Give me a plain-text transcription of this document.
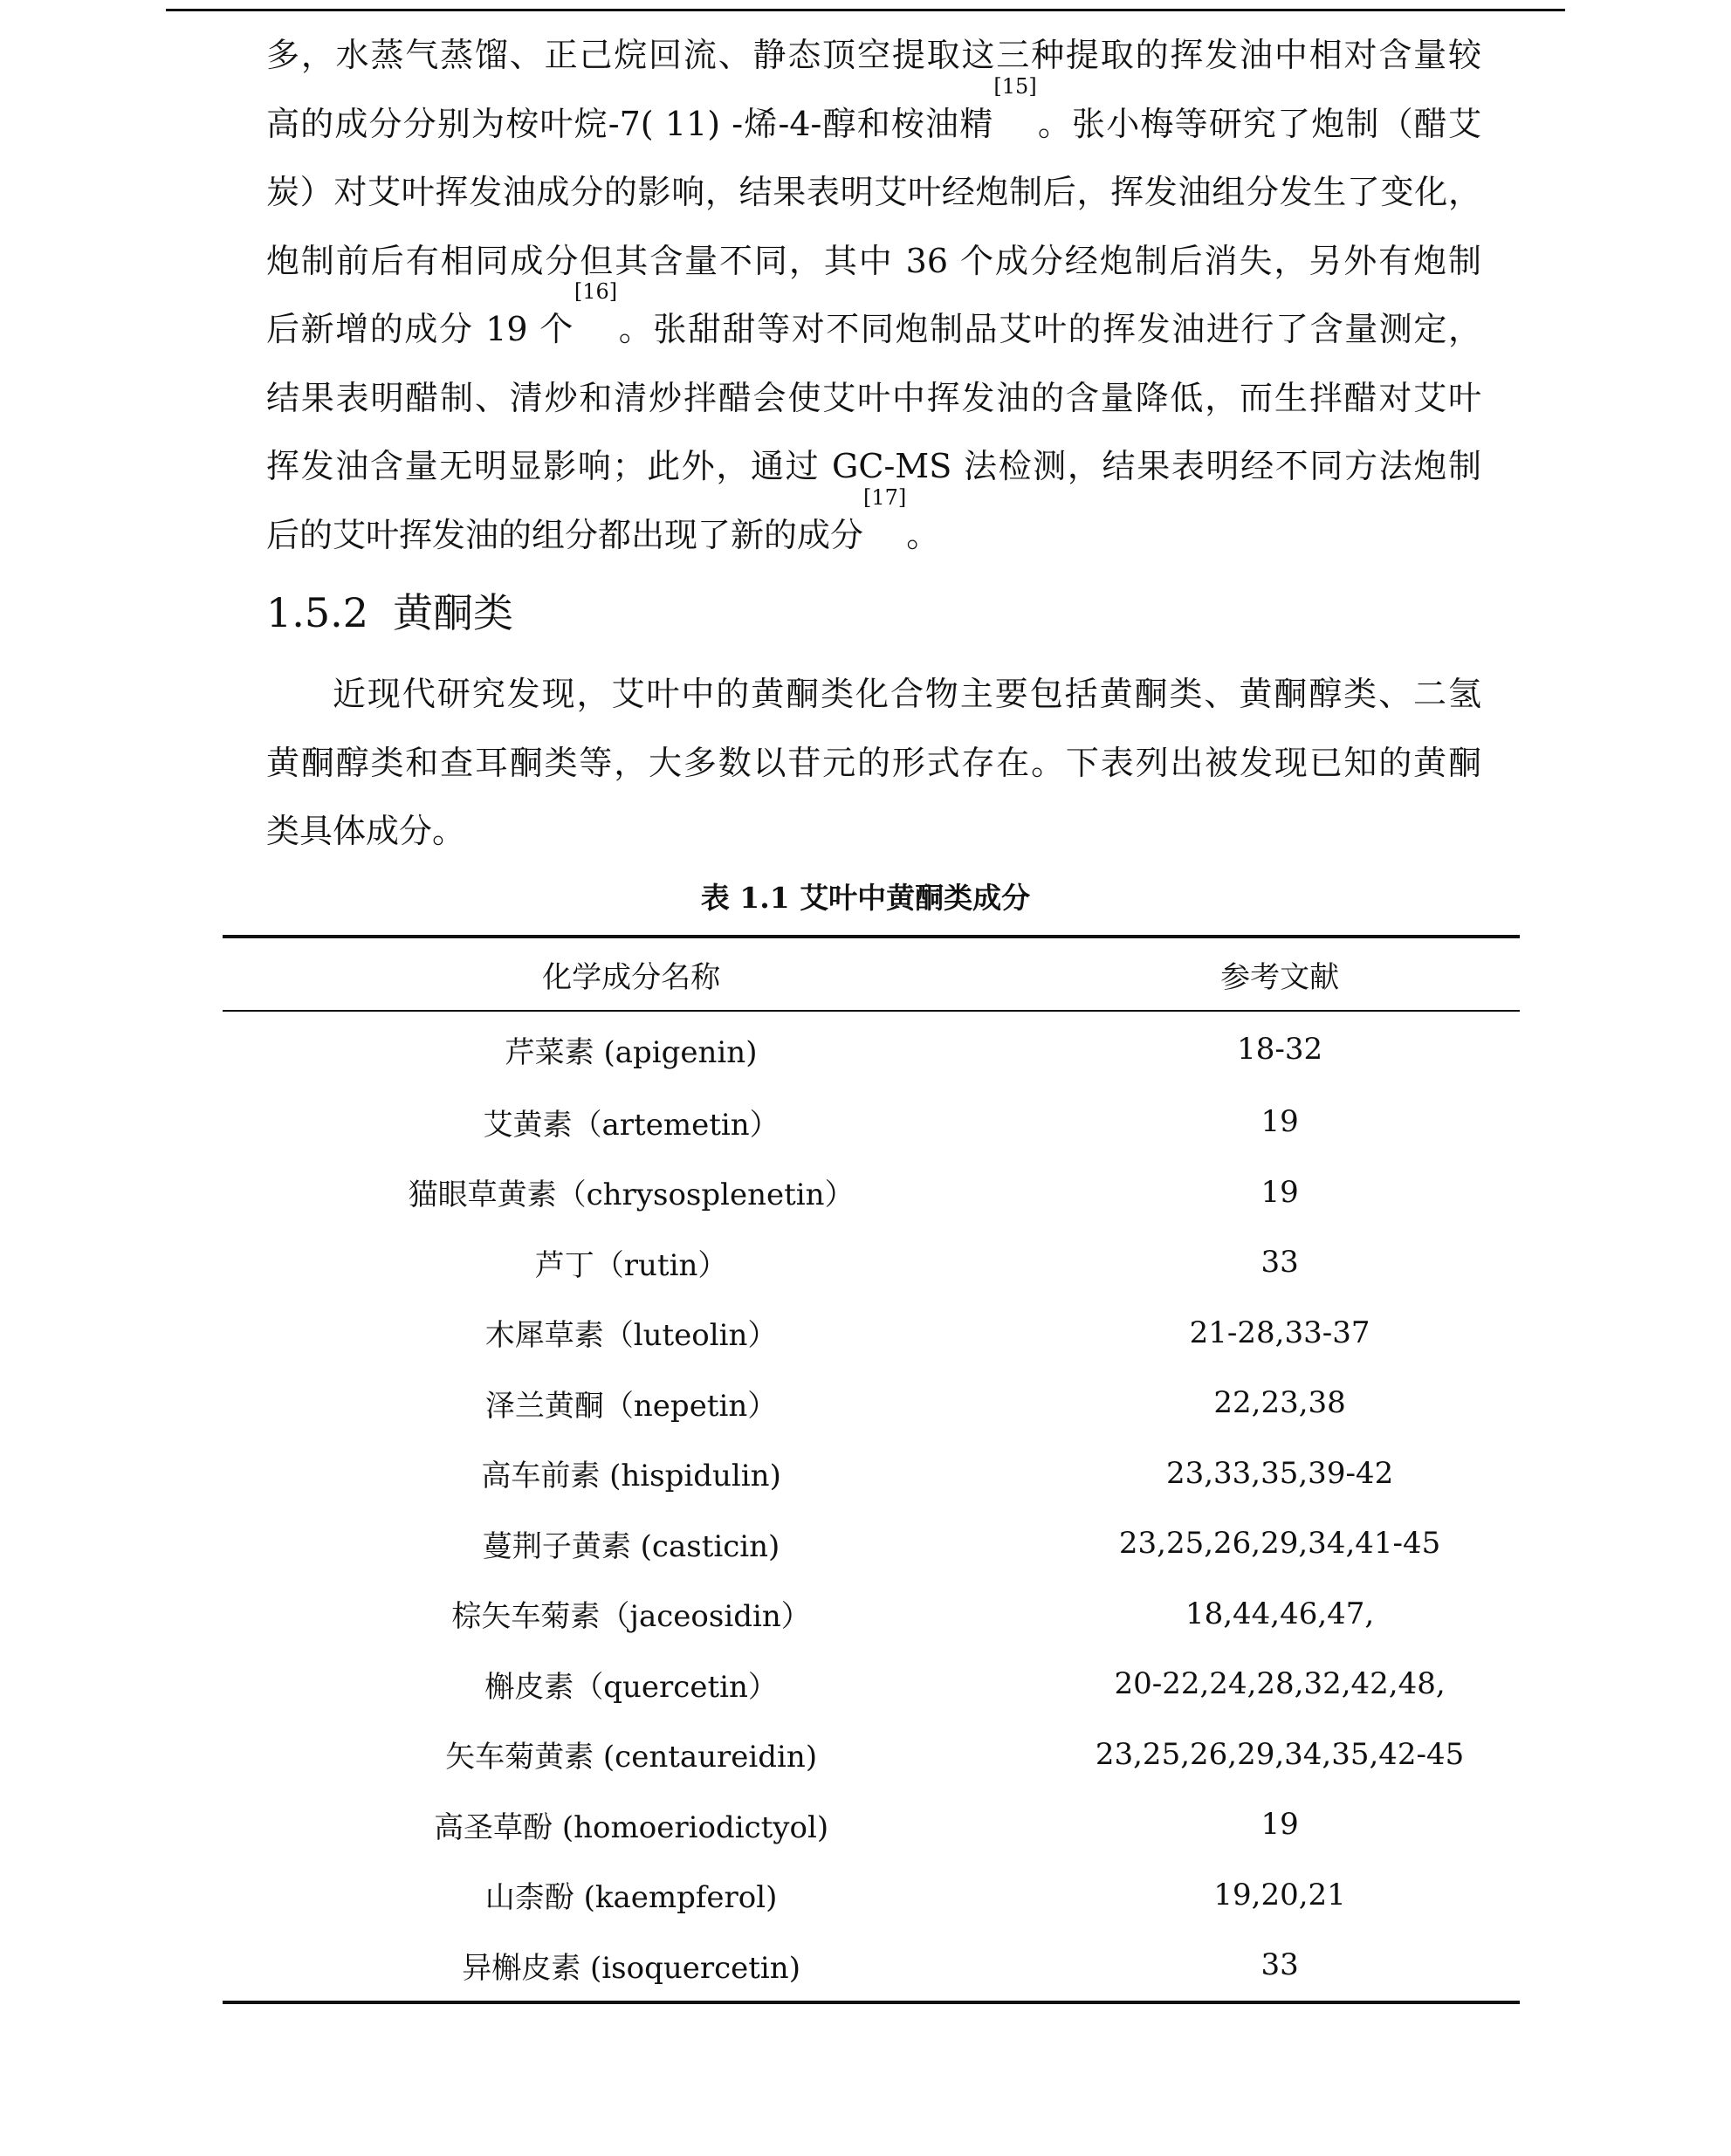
多，水蒸气蒸馏、正己烷回流、静态顶空提取这三种提取的挥发油中相对含量较
高的成分分别为桉叶烷-7( 11) -烯-4-醇和桉油精[15]。张小梅等研究了炮制（醋艾
炭）对艾叶挥发油成分的影响，结果表明艾叶经炮制后，挥发油组分发生了变化，
炮制前后有相同成分但其含量不同，其中 36 个成分经炮制后消失，另外有炮制
后新增的成分 19 个[16]。张甜甜等对不同炮制品艾叶的挥发油进行了含量测定，
结果表明醋制、清炒和清炒拌醋会使艾叶中挥发油的含量降低，而生拌醋对艾叶
挥发油含量无明显影响；此外，通过 GC-MS 法检测，结果表明经不同方法炮制
后的艾叶挥发油的组分都出现了新的成分[17]。

1.5.2 黄酮类

近现代研究发现，艾叶中的黄酮类化合物主要包括黄酮类、黄酮醇类、二氢
黄酮醇类和查耳酮类等，大多数以苷元的形式存在。下表列出被发现已知的黄酮
类具体成分。

表 1.1 艾叶中黄酮类成分

化学成分名称	参考文献
芹菜素 (apigenin)	18-32
艾黄素（artemetin）	19
猫眼草黄素（chrysosplenetin）	19
芦丁（rutin）	33
木犀草素（luteolin）	21-28,33-37
泽兰黄酮（nepetin）	22,23,38
高车前素 (hispidulin)	23,33,35,39-42
蔓荆子黄素 (casticin)	23,25,26,29,34,41-45
棕矢车菊素（jaceosidin）	18,44,46,47,
槲皮素（quercetin）	20-22,24,28,32,42,48,
矢车菊黄素 (centaureidin)	23,25,26,29,34,35,42-45
高圣草酚 (homoeriodictyol)	19
山柰酚 (kaempferol)	19,20,21
异槲皮素 (isoquercetin)	33
